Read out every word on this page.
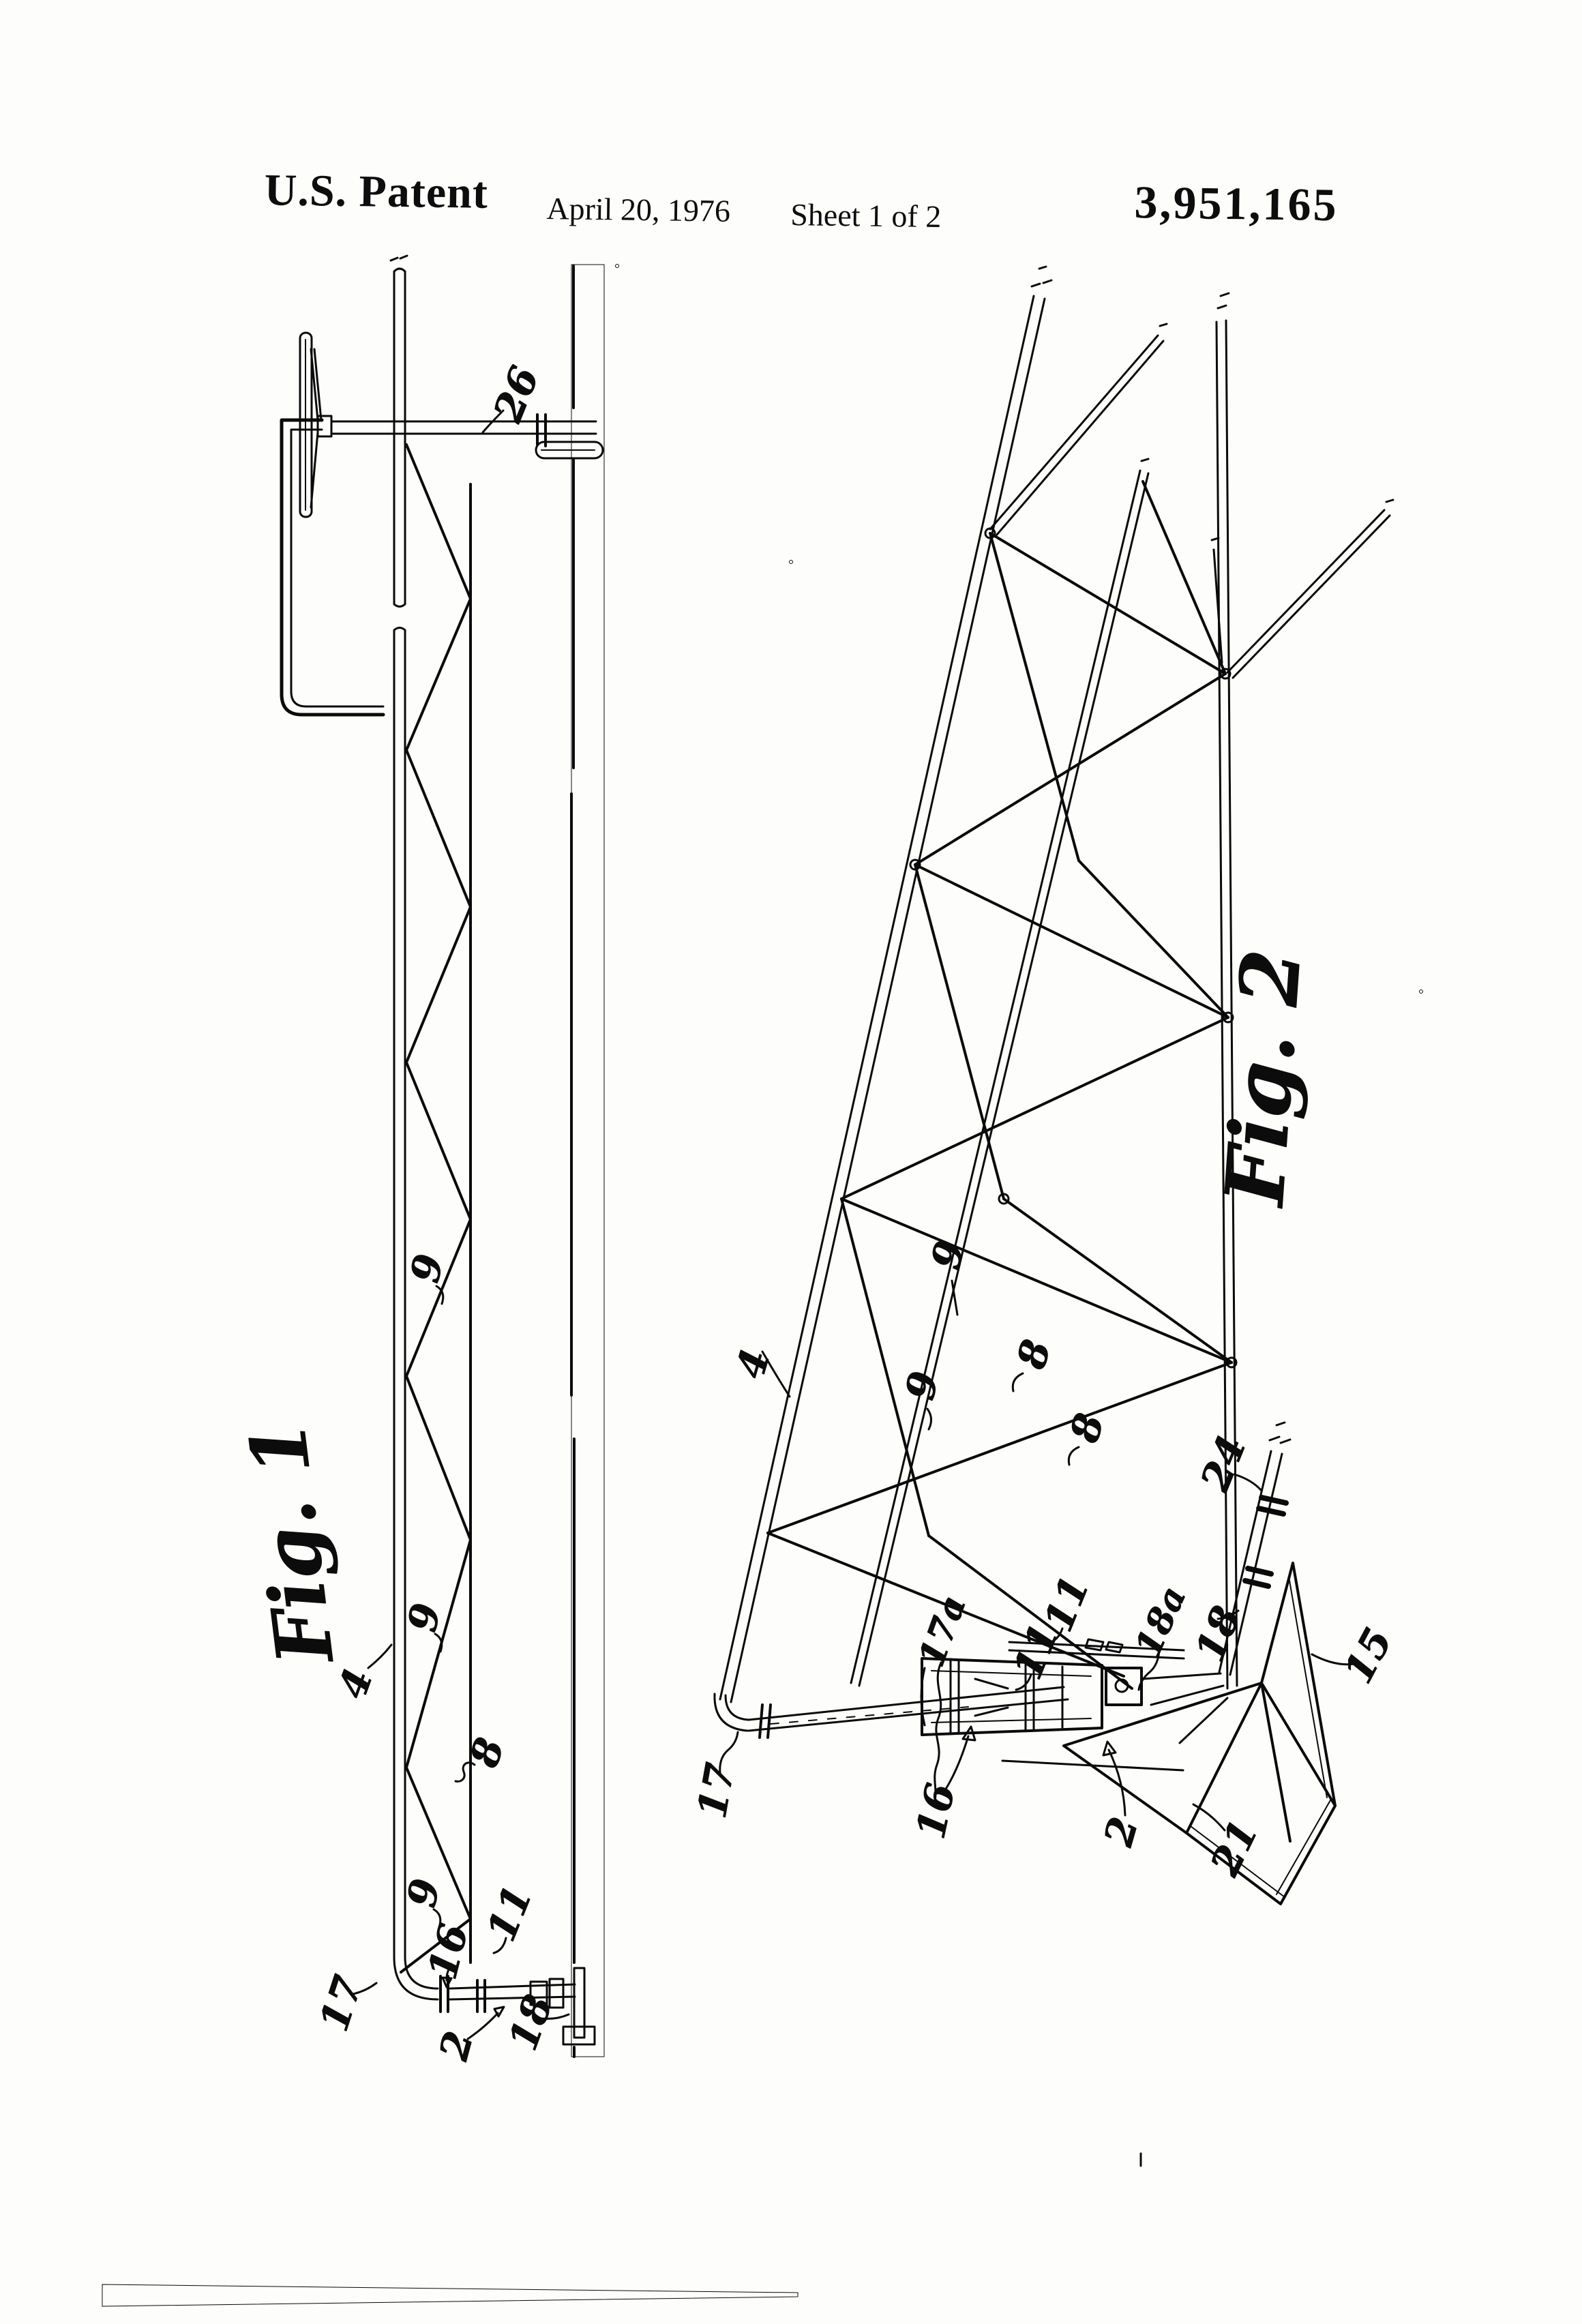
U.S. Patent April 20, 1976 Sheet 1 of 2	3,951,165
26
9
9
4
8
9 11
16
17
2 18
Fig. 1
4
9
9
8
8
17a 11
11 18a
18
24
15
21
2
16
17
Fig. 2
